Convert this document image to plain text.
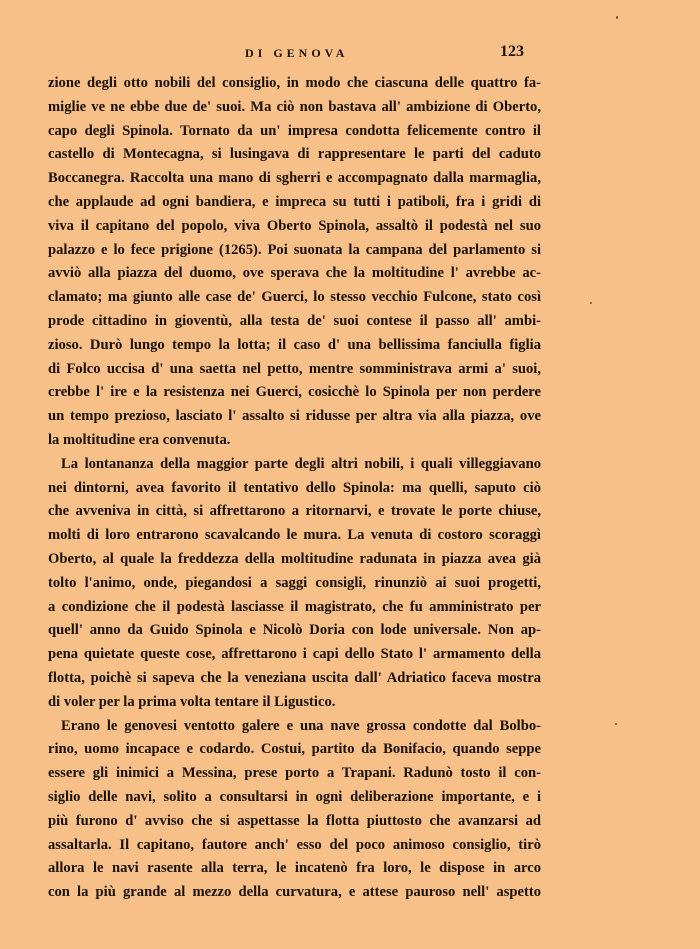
DI GENOVA	123
zione degli otto nobili del consiglio, in modo che ciascuna delle quattro fa-
miglie ve ne ebbe due de' suoi. Ma ciò non bastava all' ambizione di Oberto,
capo degli Spinola. Tornato da un' impresa condotta felicemente contro il
castello di Montecagna, si lusingava di rappresentare le parti del caduto
Boccanegra. Raccolta una mano di sgherri e accompagnato dalla marmaglia,
che applaude ad ogni bandiera, e impreca su tutti i patiboli, fra i gridi di
viva il capitano del popolo, viva Oberto Spinola, assaltò il podestà nel suo
palazzo e lo fece prigione (1265). Poi suonata la campana del parlamento si
avviò alla piazza del duomo, ove sperava che la moltitudine l' avrebbe ac-
clamato; ma giunto alle case de' Guerci, lo stesso vecchio Fulcone, stato così
prode cittadino in gioventù, alla testa de' suoi contese il passo all' ambi-
zioso. Durò lungo tempo la lotta; il caso d' una bellissima fanciulla figlia
di Folco uccisa d' una saetta nel petto, mentre somministrava armi a' suoi,
crebbe l' ire e la resistenza nei Guerci, cosicchè lo Spinola per non perdere
un tempo prezioso, lasciato l' assalto si ridusse per altra via alla piazza, ove
la moltitudine era convenuta.
La lontananza della maggior parte degli altri nobili, i quali villeggiavano
nei dintorni, avea favorito il tentativo dello Spinola: ma quelli, saputo ciò
che avveniva in città, si affrettarono a ritornarvi, e trovate le porte chiuse,
molti di loro entrarono scavalcando le mura. La venuta di costoro scoraggì
Oberto, al quale la freddezza della moltitudine radunata in piazza avea già
tolto l'animo, onde, piegandosi a saggi consigli, rinunziò ai suoi progetti,
a condizione che il podestà lasciasse il magistrato, che fu amministrato per
quell' anno da Guido Spinola e Nicolò Doria con lode universale. Non ap-
pena quietate queste cose, affrettarono i capi dello Stato l' armamento della
flotta, poichè si sapeva che la veneziana uscita dall' Adriatico faceva mostra
di voler per la prima volta tentare il Ligustico.
Erano le genovesi ventotto galere e una nave grossa condotte dal Bolbo-
rino, uomo incapace e codardo. Costui, partito da Bonifacio, quando seppe
essere gli inimici a Messina, prese porto a Trapani. Radunò tosto il con-
siglio delle navi, solito a consultarsi in ogni deliberazione importante, e i
più furono d' avviso che si aspettasse la flotta piuttosto che avanzarsi ad
assaltarla. Il capitano, fautore anch' esso del poco animoso consiglio, tirò
allora le navi rasente alla terra, le incatenò fra loro, le dispose in arco
con la più grande al mezzo della curvatura, e attese pauroso nell' aspetto
